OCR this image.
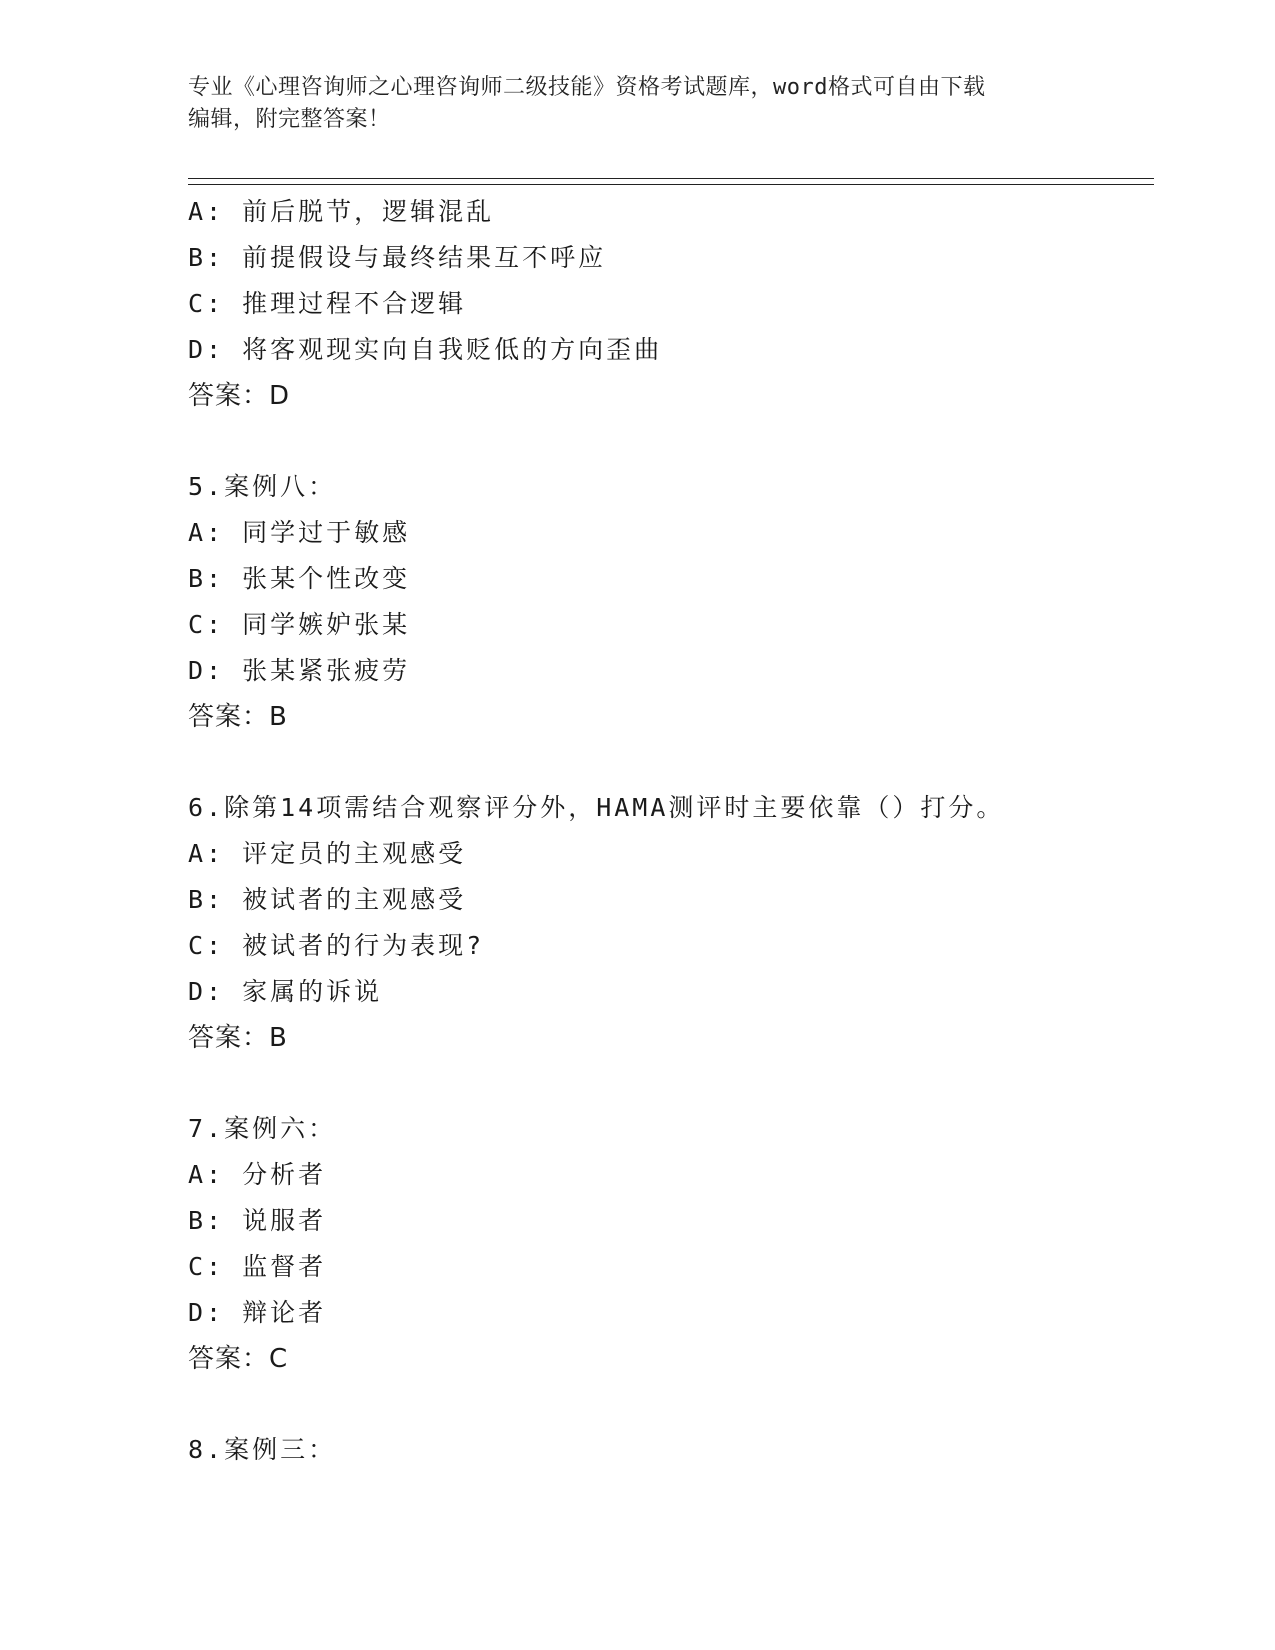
专业《心理咨询师之心理咨询师二级技能》资格考试题库，word格式可自由下载
编辑，附完整答案！
A: 前后脱节，逻辑混乱
B: 前提假设与最终结果互不呼应
C: 推理过程不合逻辑
D: 将客观现实向自我贬低的方向歪曲
答案：D
5.案例八：
A: 同学过于敏感
B: 张某个性改变
C: 同学嫉妒张某
D: 张某紧张疲劳
答案：B
6.除第14项需结合观察评分外，HAMA测评时主要依靠（）打分。
A: 评定员的主观感受
B: 被试者的主观感受
C: 被试者的行为表现?
D: 家属的诉说
答案：B
7.案例六：
A: 分析者
B: 说服者
C: 监督者
D: 辩论者
答案：C
8.案例三：
